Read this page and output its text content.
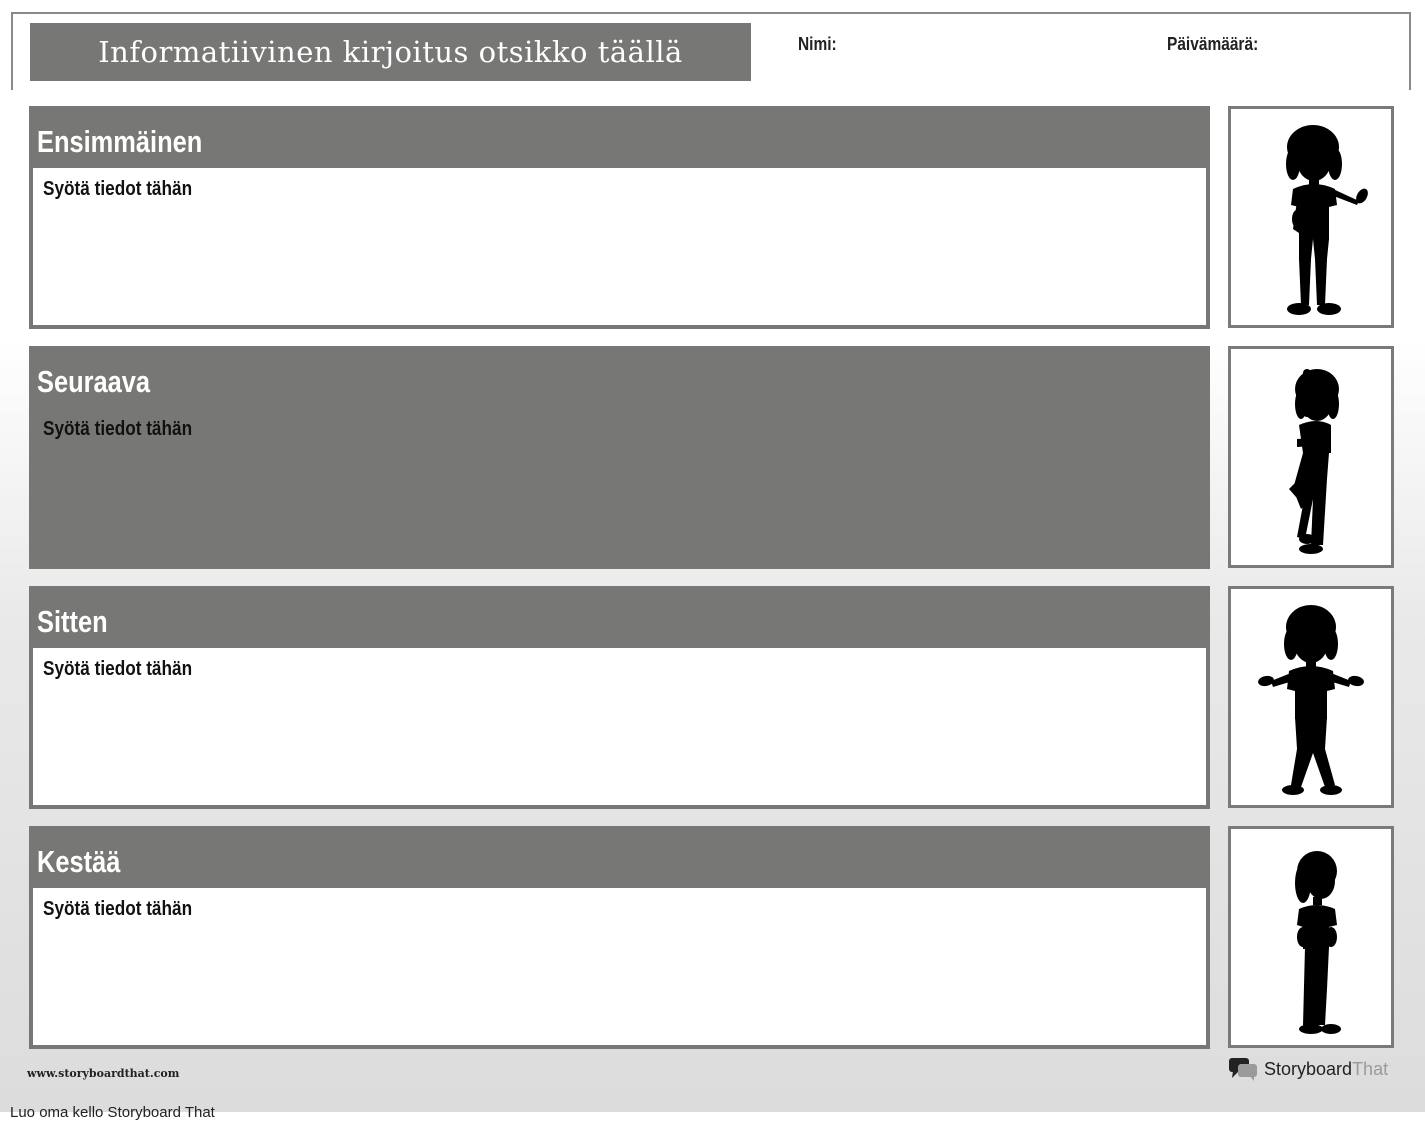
Informatiivinen kirjoitus otsikko täällä	Nimi:	Päivämäärä:
Ensimmäinen
Syötä tiedot tähän
Seuraava
Syötä tiedot tähän
Sitten
Syötä tiedot tähän
Kestää
Syötä tiedot tähän
www.storyboardthat.com	StoryboardThat
Luo oma kello Storyboard That
